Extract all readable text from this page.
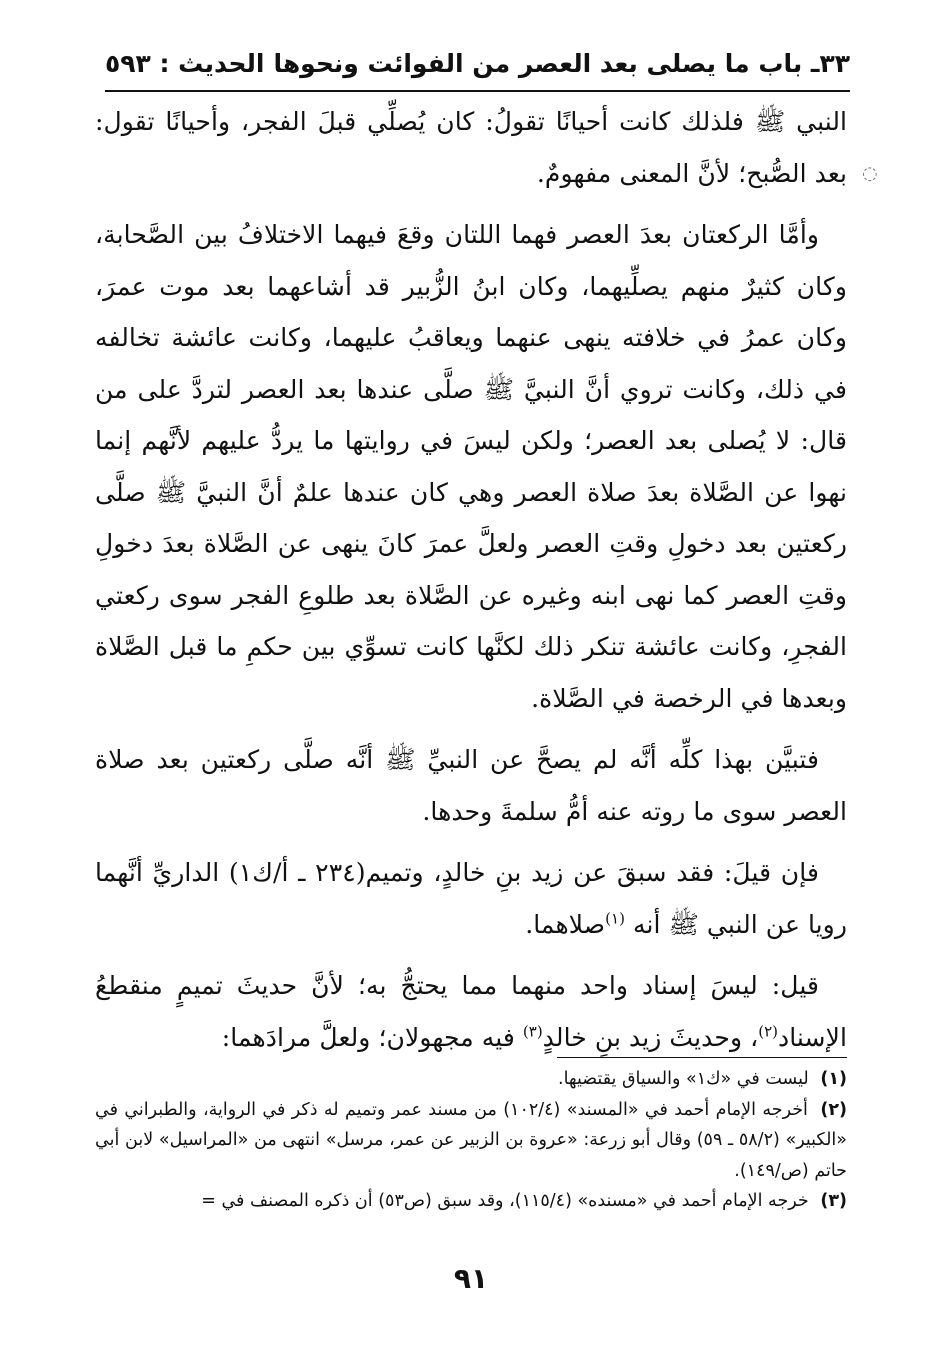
٣٣ـ باب ما يصلى بعد العصر من الفوائت ونحوها
الحديث : ٥٩٣
◌

النبي ﷺ فلذلك كانت أحيانًا تقولُ: كان يُصلِّي قبلَ الفجر، وأحيانًا تقول: بعد الصُّبح؛ لأنَّ المعنى مفهومٌ.

وأمَّا الركعتان بعدَ العصر فهما اللتان وقعَ فيهما الاختلافُ بين الصَّحابة، وكان كثيرٌ منهم يصلِّيهما، وكان ابنُ الزُّبير قد أشاعهما بعد موت عمرَ، وكان عمرُ في خلافته ينهى عنهما ويعاقبُ عليهما، وكانت عائشة تخالفه في ذلك، وكانت تروي أنَّ النبيَّ ﷺ صلَّى عندها بعد العصر لتردَّ على من قال: لا يُصلى بعد العصر؛ ولكن ليسَ في روايتها ما يردُّ عليهم لأنَّهم إنما نهوا عن الصَّلاة بعدَ صلاة العصر وهي كان عندها علمٌ أنَّ النبيَّ ﷺ صلَّى ركعتين بعد دخولِ وقتِ العصر ولعلَّ عمرَ كانَ ينهى عن الصَّلاة بعدَ دخولِ وقتِ العصر كما نهى ابنه وغيره عن الصَّلاة بعد طلوعِ الفجر سوى ركعتي الفجرِ، وكانت عائشة تنكر ذلك لكنَّها كانت تسوِّي بين حكمِ ما قبل الصَّلاة وبعدها في الرخصة في الصَّلاة.

فتبيَّن بهذا كلِّه أنَّه لم يصحَّ عن النبيِّ ﷺ أنَّه صلَّى ركعتين بعد صلاة العصر سوى ما روته عنه أمُّ سلمةَ وحدها.

فإن قيلَ: فقد سبقَ عن زيد بنِ خالدٍ، وتميم(٢٣٤ ـ أ/ك١) الداريِّ أنَّهما رويا عن النبي ﷺ أنه $^{(١)}$صلاهما.

قيل: ليسَ إسناد واحد منهما مما يحتجُّ به؛ لأنَّ حديثَ تميمٍ منقطعُ الإسناد$^{(٢)}$، وحديثَ زيد بنِ خالدٍ$^{(٣)}$ فيه مجهولان؛ ولعلَّ مرادَهما:

(١) ليست في «ك١» والسياق يقتضيها.

(٢) أخرجه الإمام أحمد في «المسند» (١٠٢/٤) من مسند عمر وتميم له ذكر في الرواية، والطبراني في «الكبير» (٥٨/٢ ـ ٥٩) وقال أبو زرعة: «عروة بن الزبير عن عمر، مرسل» انتهى من «المراسيل» لابن أبي حاتم (ص/١٤٩).

(٣) خرجه الإمام أحمد في «مسنده» (١١٥/٤)، وقد سبق (ص٥٣) أن ذكره المصنف في =

٩١
